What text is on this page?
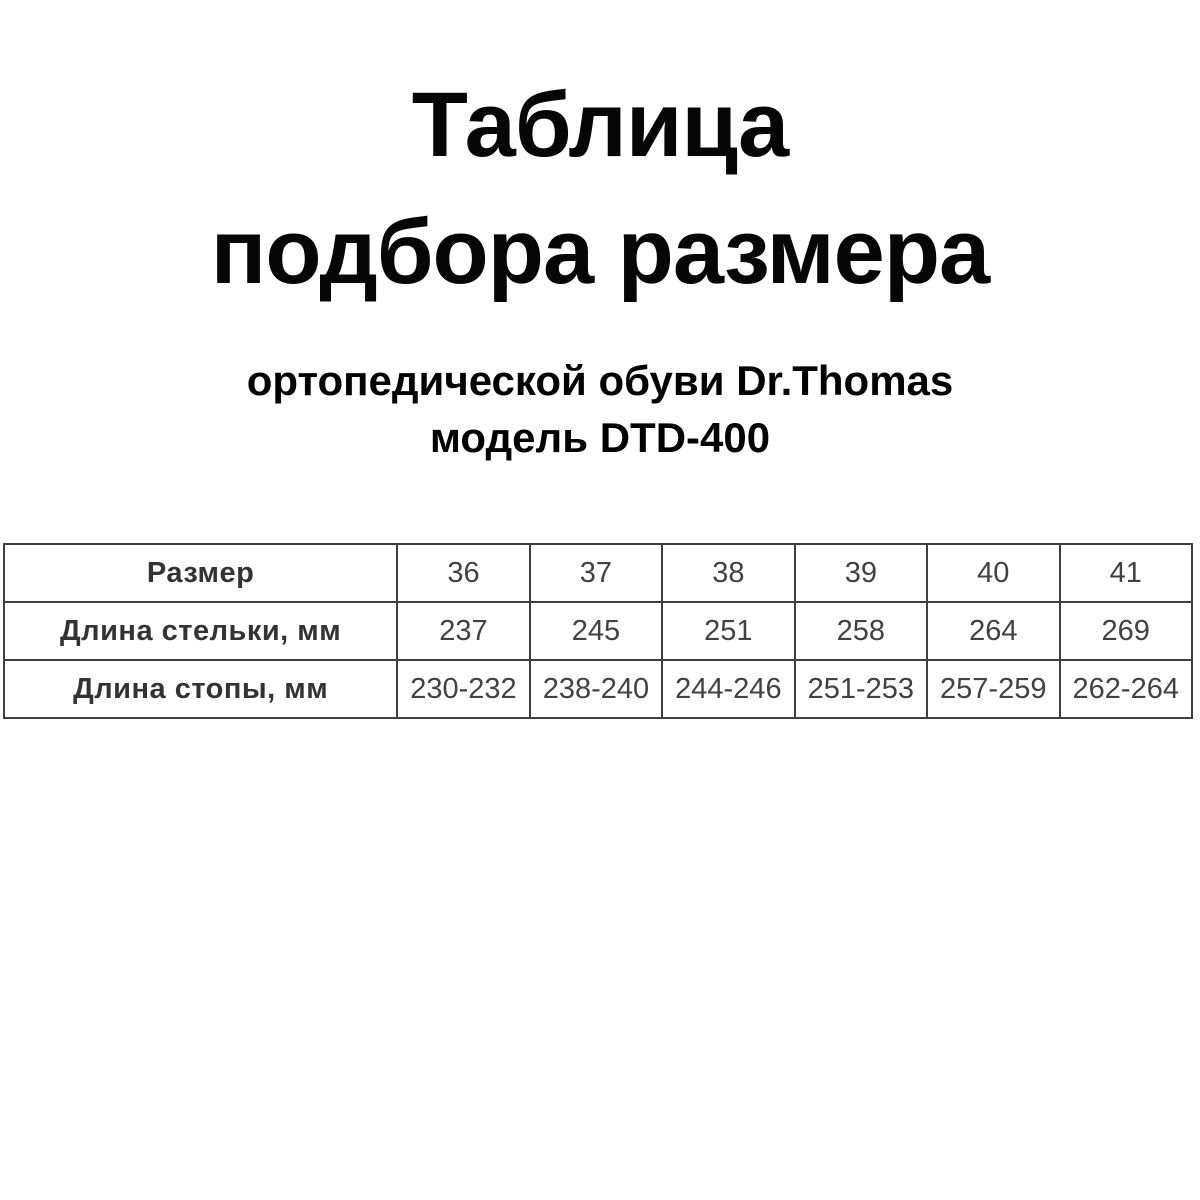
Таблица
подбора размера
ортопедической обуви Dr.Thomas
модель DTD-400
Размер	36	37	38	39	40	41
Длина стельки, мм	237	245	251	258	264	269
Длина стопы, мм	230-232	238-240	244-246	251-253	257-259	262-264
